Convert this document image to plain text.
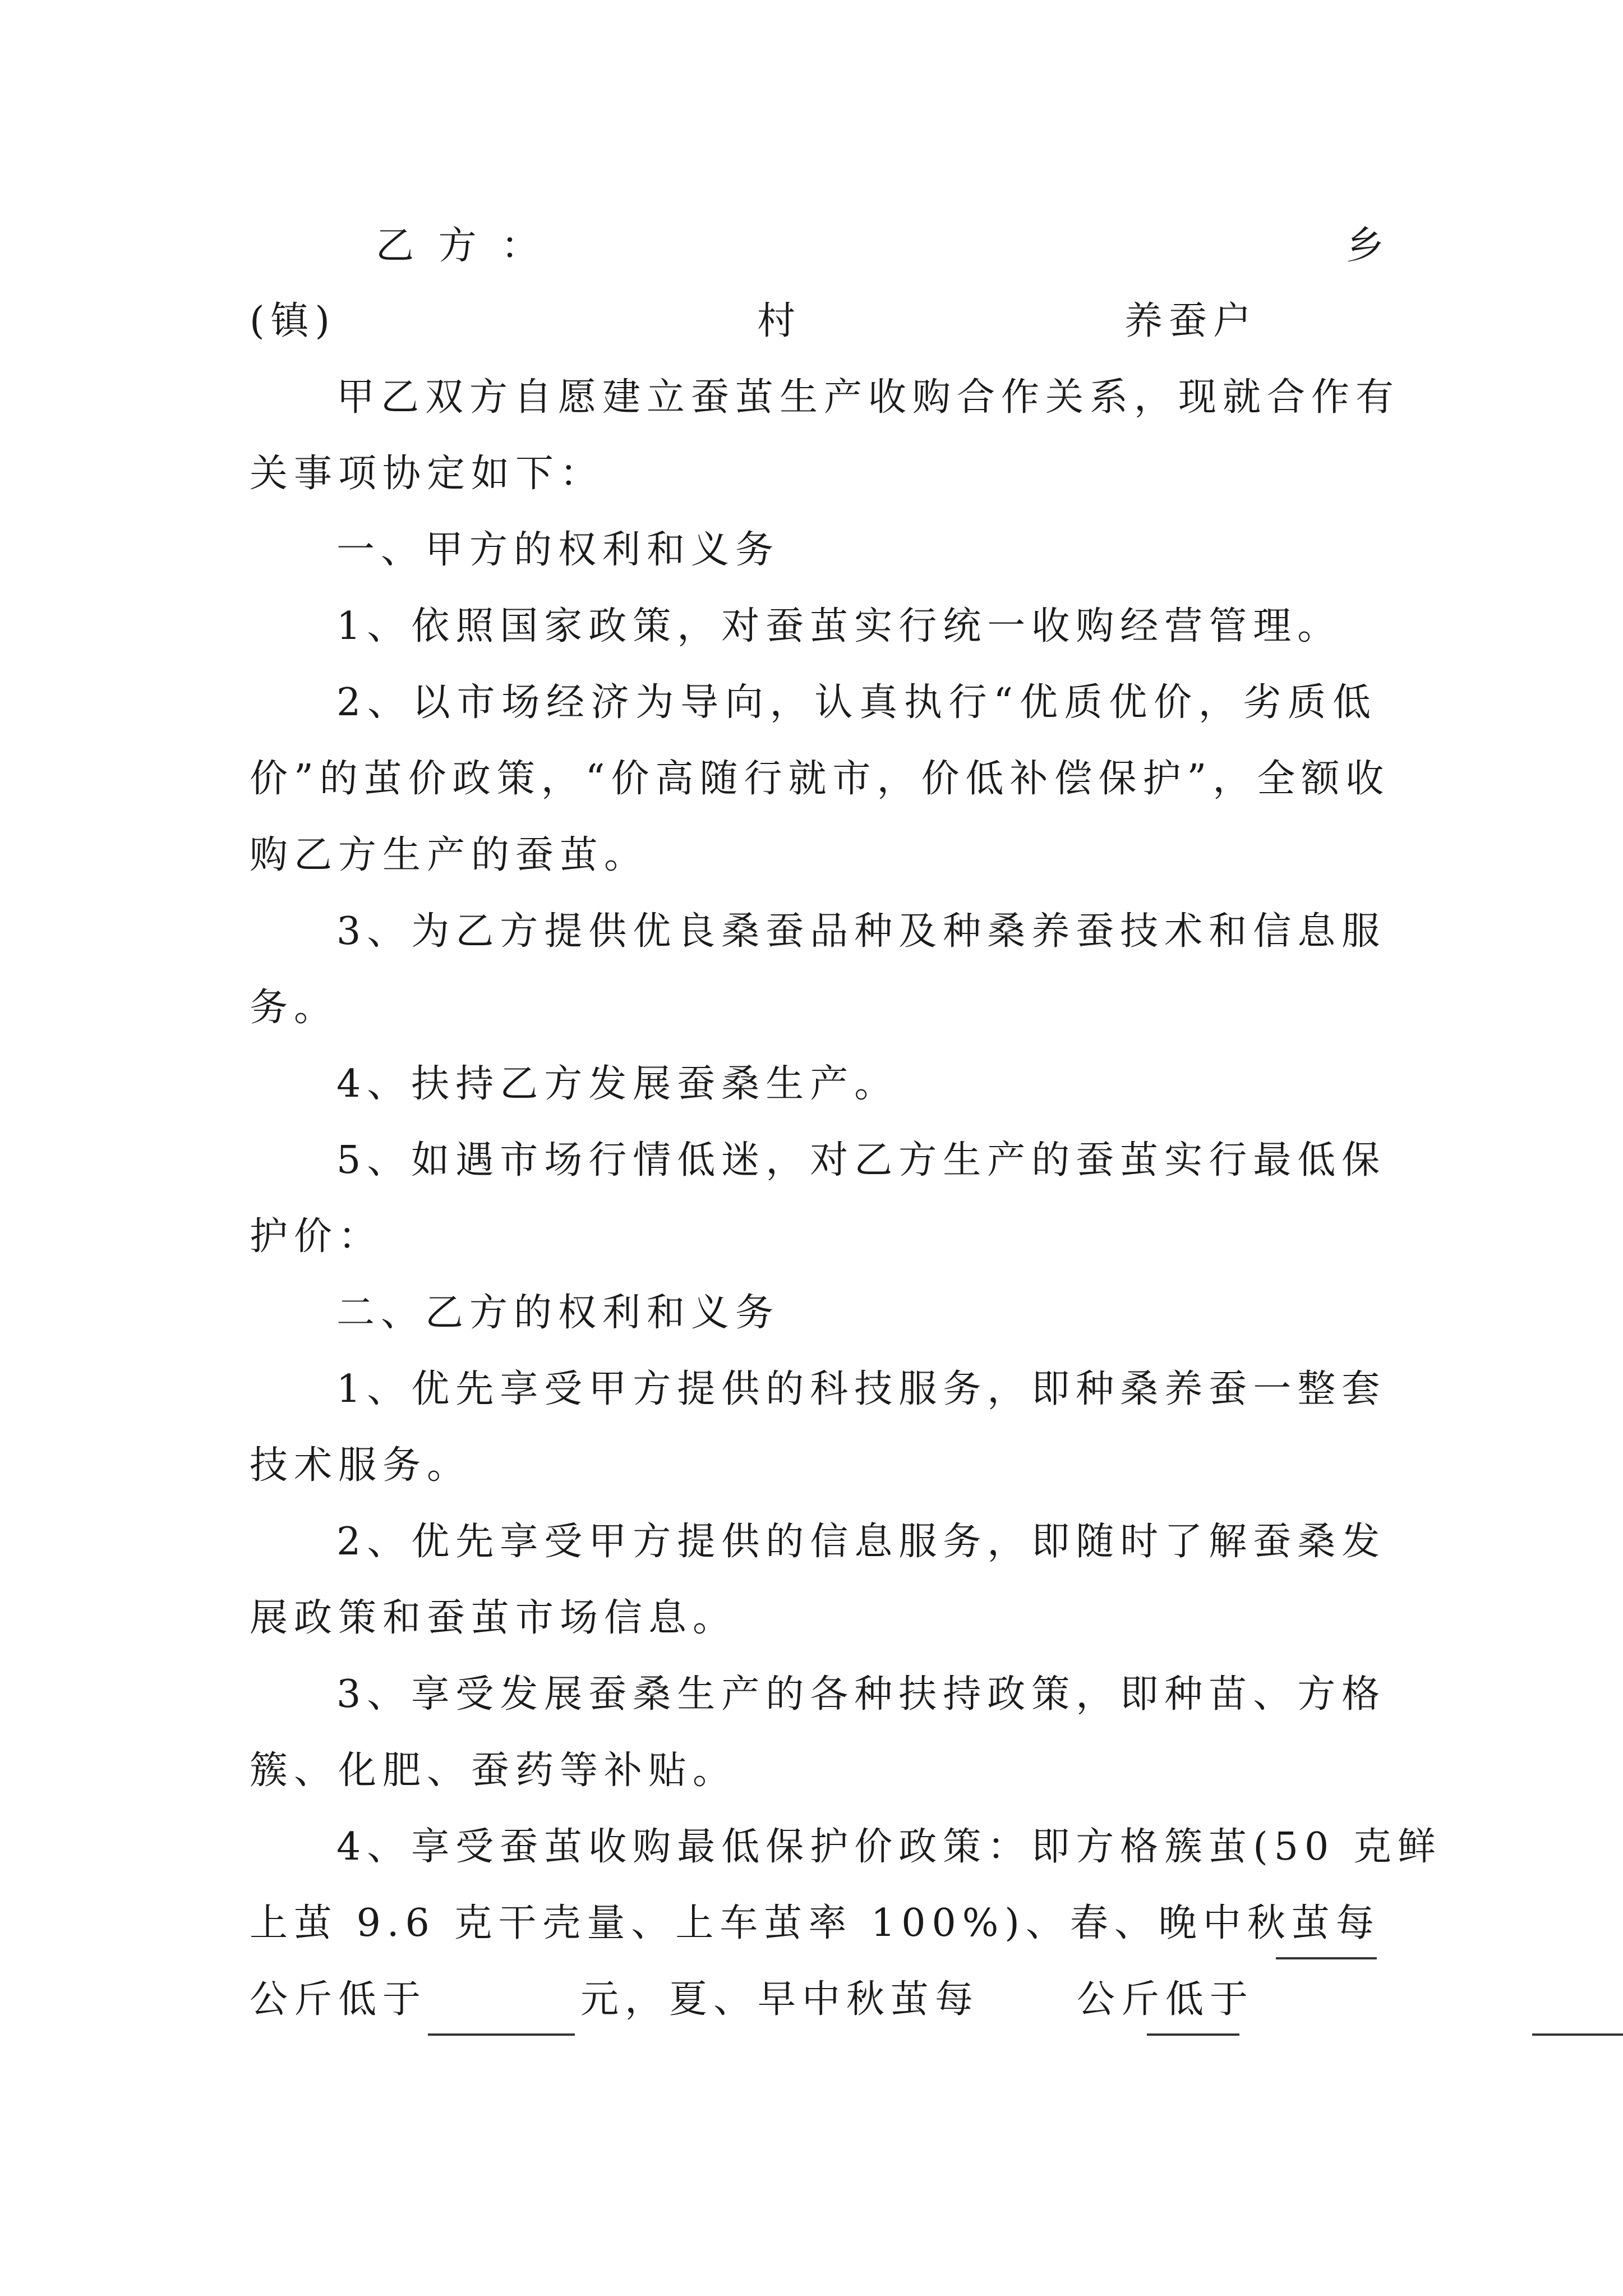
乙 方 ：	乡
(镇)	村	养蚕户
甲乙双方自愿建立蚕茧生产收购合作关系，现就合作有
关事项协定如下：
一、甲方的权利和义务
1、依照国家政策，对蚕茧实行统一收购经营管理。
2、以市场经济为导向，认真执行“优质优价，劣质低
价”的茧价政策，“价高随行就市，价低补偿保护”，全额收
购乙方生产的蚕茧。
3、为乙方提供优良桑蚕品种及种桑养蚕技术和信息服
务。
4、扶持乙方发展蚕桑生产。
5、如遇市场行情低迷，对乙方生产的蚕茧实行最低保
护价：
二、乙方的权利和义务
1、优先享受甲方提供的科技服务，即种桑养蚕一整套
技术服务。
2、优先享受甲方提供的信息服务，即随时了解蚕桑发
展政策和蚕茧市场信息。
3、享受发展蚕桑生产的各种扶持政策，即种苗、方格
簇、化肥、蚕药等补贴。
4、享受蚕茧收购最低保护价政策：即方格簇茧(50 克鲜
上茧 9.6 克干壳量、上车茧率 100%)、春、晚中秋茧每
公斤低于
	元，夏、早中秋茧每
	公斤低于
